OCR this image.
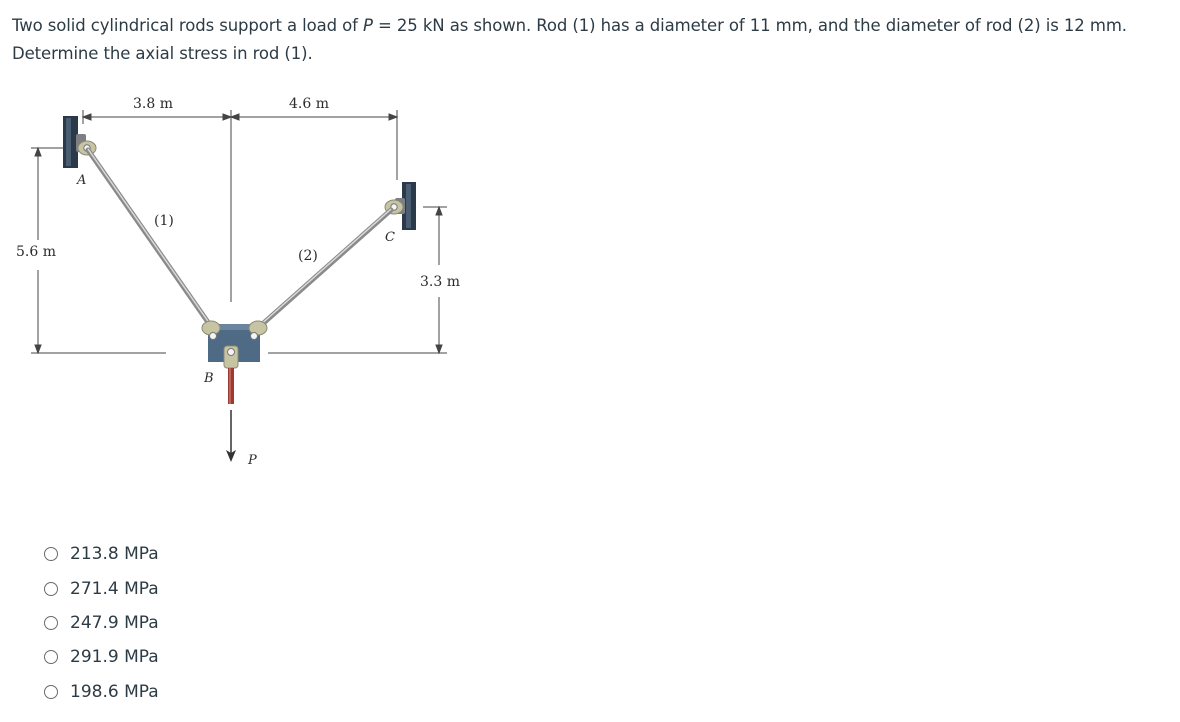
Two solid cylindrical rods support a load of P = 25 kN as shown. Rod (1) has a diameter of 11 mm, and the diameter of rod (2) is 12 mm.
Determine the axial stress in rod (1).
3.8 m	4.6 m
5.6 m
3.3 m
(1)
(2)
A
B
C
P
213.8 MPa
271.4 MPa
247.9 MPa
291.9 MPa
198.6 MPa
